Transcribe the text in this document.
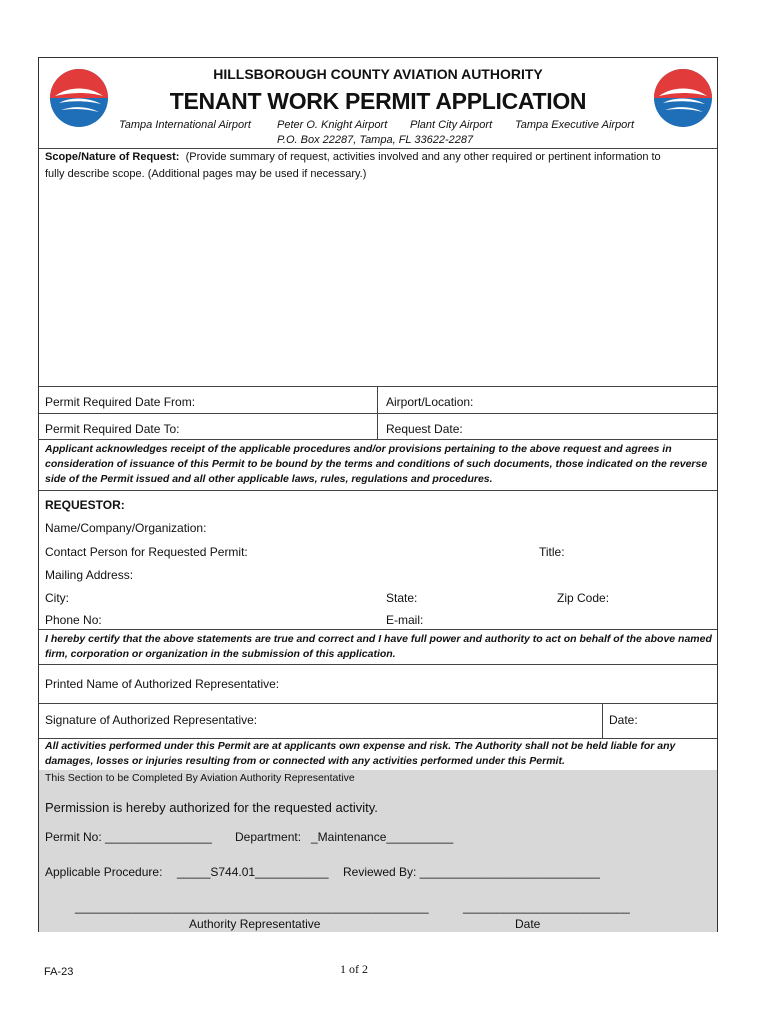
HILLSBOROUGH COUNTY AVIATION AUTHORITY
TENANT WORK PERMIT APPLICATION
Tampa International Airport Peter O. Knight Airport Plant City Airport Tampa Executive Airport
P.O. Box 22287, Tampa, FL 33622-2287
Scope/Nature of Request: (Provide summary of request, activities involved and any other required or pertinent information to
fully describe scope. (Additional pages may be used if necessary.)
Permit Required Date From:	Airport/Location:
Permit Required Date To:	Request Date:
Applicant acknowledges receipt of the applicable procedures and/or provisions pertaining to the above request and agrees in consideration of issuance of this Permit to be bound by the terms and conditions of such documents, those indicated on the reverse side of the Permit issued and all other applicable laws, rules, regulations and procedures.
REQUESTOR:
Name/Company/Organization:
Contact Person for Requested Permit:	Title:
Mailing Address:
City:	State:	Zip Code:
Phone No:	E-mail:
I hereby certify that the above statements are true and correct and I have full power and authority to act on behalf of the above named firm, corporation or organization in the submission of this application.
Printed Name of Authorized Representative:
Signature of Authorized Representative:	Date:
All activities performed under this Permit are at applicants own expense and risk. The Authority shall not be held liable for any damages, losses or injuries resulting from or connected with any activities performed under this Permit.
This Section to be Completed By Aviation Authority Representative
Permission is hereby authorized for the requested activity.
Permit No: ________________ Department: _Maintenance__________
Applicable Procedure: _____S744.01___________ Reviewed By: ___________________________
_____________________________________________________	_________________________
Authority Representative	Date
FA-23	1 of 2
